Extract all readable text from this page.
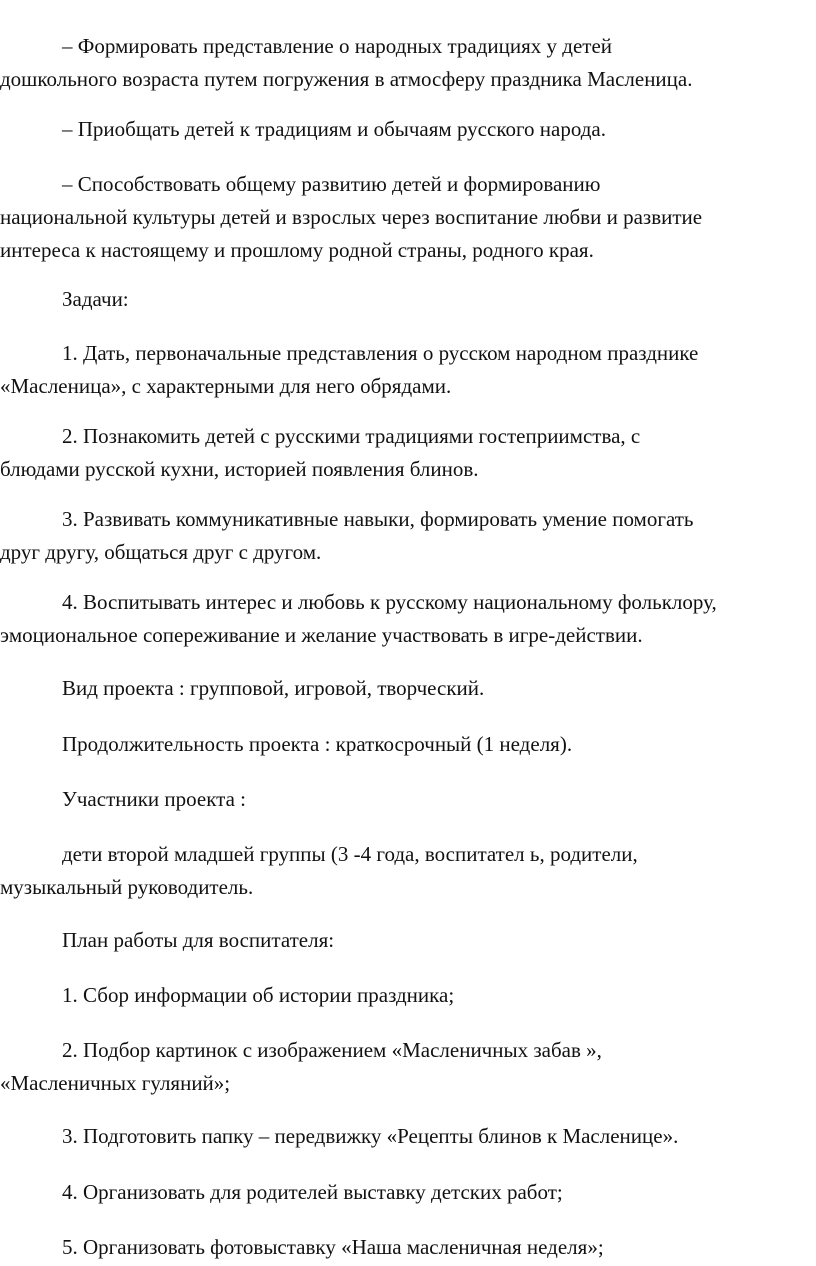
– Формировать представление о народных традициях у детей
дошкольного возраста путем погружения в атмосферу праздника Масленица.
– Приобщать детей к традициям и обычаям русского народа.
– Способствовать общему развитию детей и формированию
национальной культуры детей и взрослых через воспитание любви и развитие
интереса к настоящему и прошлому родной страны, родного края.
Задачи:
1. Дать, первоначальные представления о русском народном празднике
«Масленица», с характерными для него обрядами.
2. Познакомить детей с русскими традициями гостеприимства, с
блюдами русской кухни, историей появления блинов.
3. Развивать коммуникативные навыки, формировать умение помогать
друг другу, общаться друг с другом.
4. Воспитывать интерес и любовь к русскому национальному фольклору,
эмоциональное сопереживание и желание участвовать в игре-действии.
Вид проекта : групповой, игровой, творческий.
Продолжительность проекта : краткосрочный (1 неделя).
Участники проекта :
дети второй младшей группы (3 -4 года, воспитател ь, родители,
музыкальный руководитель.
План работы для воспитателя:
1. Сбор информации об истории праздника;
2. Подбор картинок с изображением «Масленичных забав »,
«Масленичных гуляний»;
3. Подготовить папку – передвижку «Рецепты блинов к Масленице».
4. Организовать для родителей выставку детских работ;
5. Организовать фотовыставку «Наша масленичная неделя»;
